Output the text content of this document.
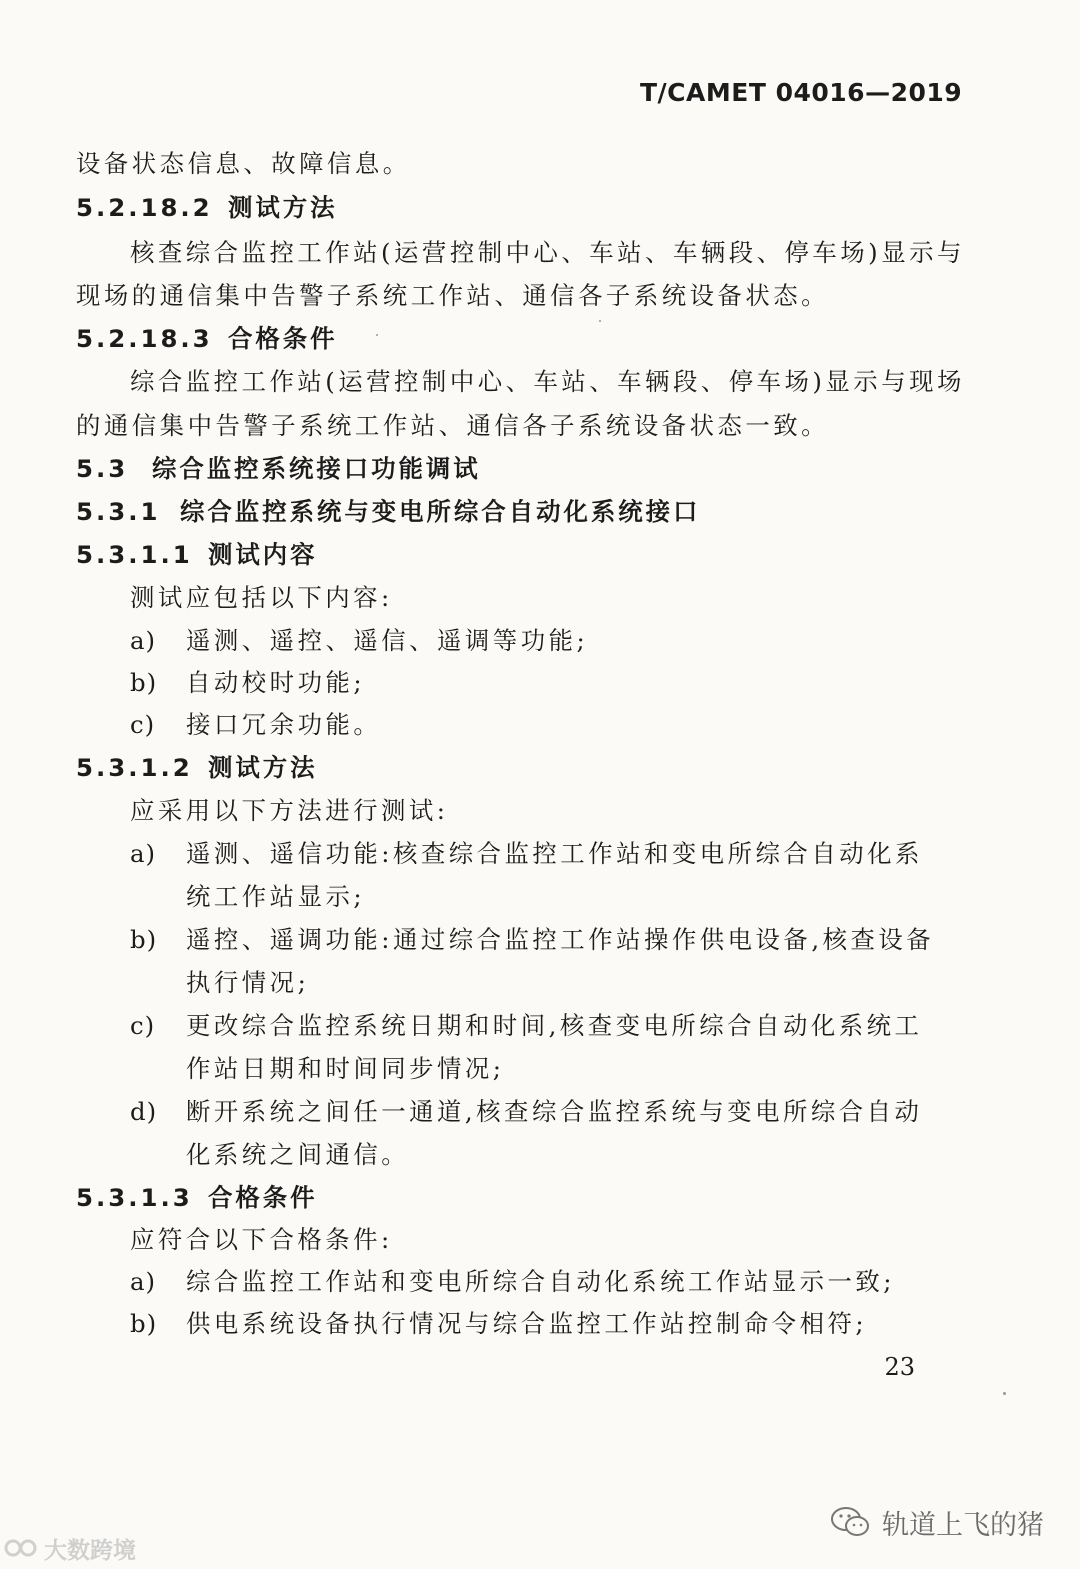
T/CAMET 04016—2019
设备状态信息、故障信息。
5.2.18.2 测试方法
核查综合监控工作站(运营控制中心、车站、车辆段、停车场)显示与
现场的通信集中告警子系统工作站、通信各子系统设备状态。
5.2.18.3 合格条件
综合监控工作站(运营控制中心、车站、车辆段、停车场)显示与现场
的通信集中告警子系统工作站、通信各子系统设备状态一致。
5.3 综合监控系统接口功能调试
5.3.1 综合监控系统与变电所综合自动化系统接口
5.3.1.1 测试内容
测试应包括以下内容:
a) 遥测、遥控、遥信、遥调等功能;
b) 自动校时功能;
c) 接口冗余功能。
5.3.1.2 测试方法
应采用以下方法进行测试:
a) 遥测、遥信功能:核查综合监控工作站和变电所综合自动化系
统工作站显示;
b) 遥控、遥调功能:通过综合监控工作站操作供电设备,核查设备
执行情况;
c) 更改综合监控系统日期和时间,核查变电所综合自动化系统工
作站日期和时间同步情况;
d) 断开系统之间任一通道,核查综合监控系统与变电所综合自动
化系统之间通信。
5.3.1.3 合格条件
应符合以下合格条件:
a) 综合监控工作站和变电所综合自动化系统工作站显示一致;
b) 供电系统设备执行情况与综合监控工作站控制命令相符;
23
大数跨境
轨道上飞的猪
